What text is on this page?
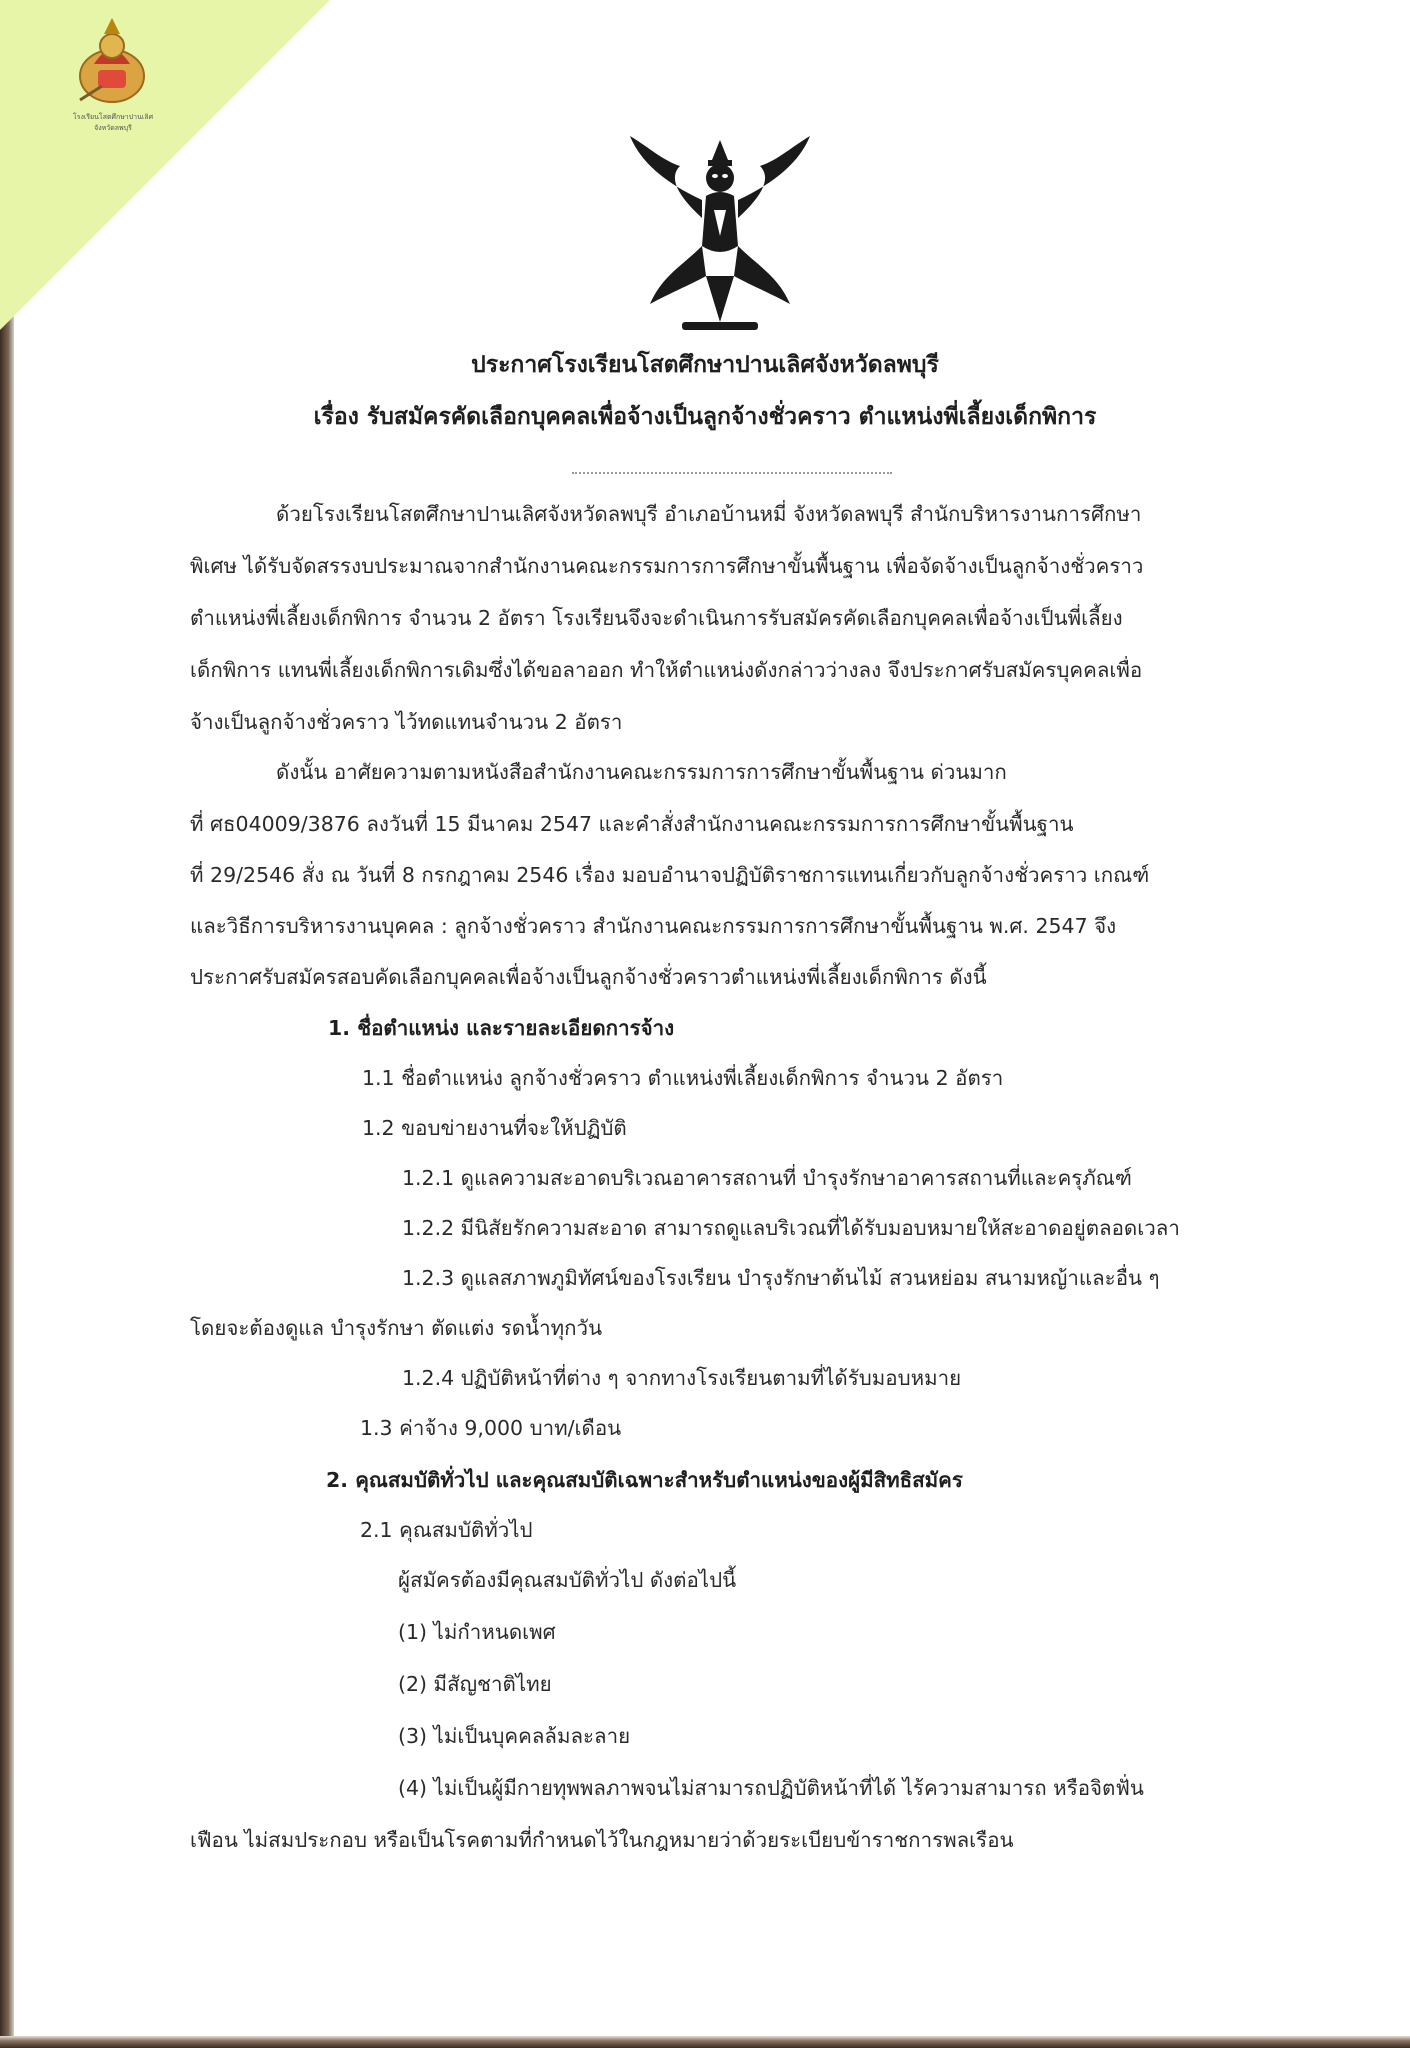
โรงเรียนโสตศึกษาปานเลิศ
จังหวัดลพบุรี
ประกาศโรงเรียนโสตศึกษาปานเลิศจังหวัดลพบุรี
เรื่อง รับสมัครคัดเลือกบุคคลเพื่อจ้างเป็นลูกจ้างชั่วคราว ตำแหน่งพี่เลี้ยงเด็กพิการ
ด้วยโรงเรียนโสตศึกษาปานเลิศจังหวัดลพบุรี อำเภอบ้านหมี่ จังหวัดลพบุรี สำนักบริหารงานการศึกษา
พิเศษ ได้รับจัดสรรงบประมาณจากสำนักงานคณะกรรมการการศึกษาขั้นพื้นฐาน เพื่อจัดจ้างเป็นลูกจ้างชั่วคราว
ตำแหน่งพี่เลี้ยงเด็กพิการ จำนวน 2 อัตรา โรงเรียนจึงจะดำเนินการรับสมัครคัดเลือกบุคคลเพื่อจ้างเป็นพี่เลี้ยง
เด็กพิการ แทนพี่เลี้ยงเด็กพิการเดิมซึ่งได้ขอลาออก ทำให้ตำแหน่งดังกล่าวว่างลง จึงประกาศรับสมัครบุคคลเพื่อ
จ้างเป็นลูกจ้างชั่วคราว ไว้ทดแทนจำนวน 2 อัตรา
ดังนั้น อาศัยความตามหนังสือสำนักงานคณะกรรมการการศึกษาขั้นพื้นฐาน ด่วนมาก
ที่ ศธ04009/3876 ลงวันที่ 15 มีนาคม 2547 และคำสั่งสำนักงานคณะกรรมการการศึกษาขั้นพื้นฐาน
ที่ 29/2546 สั่ง ณ วันที่ 8 กรกฎาคม 2546 เรื่อง มอบอำนาจปฏิบัติราชการแทนเกี่ยวกับลูกจ้างชั่วคราว เกณฑ์
และวิธีการบริหารงานบุคคล : ลูกจ้างชั่วคราว สำนักงานคณะกรรมการการศึกษาขั้นพื้นฐาน พ.ศ. 2547 จึง
ประกาศรับสมัครสอบคัดเลือกบุคคลเพื่อจ้างเป็นลูกจ้างชั่วคราวตำแหน่งพี่เลี้ยงเด็กพิการ ดังนี้
1. ชื่อตำแหน่ง และรายละเอียดการจ้าง
1.1 ชื่อตำแหน่ง ลูกจ้างชั่วคราว ตำแหน่งพี่เลี้ยงเด็กพิการ จำนวน 2 อัตรา
1.2 ขอบข่ายงานที่จะให้ปฏิบัติ
1.2.1 ดูแลความสะอาดบริเวณอาคารสถานที่ บำรุงรักษาอาคารสถานที่และครุภัณฑ์
1.2.2 มีนิสัยรักความสะอาด สามารถดูแลบริเวณที่ได้รับมอบหมายให้สะอาดอยู่ตลอดเวลา
1.2.3 ดูแลสภาพภูมิทัศน์ของโรงเรียน บำรุงรักษาต้นไม้ สวนหย่อม สนามหญ้าและอื่น ๆ
โดยจะต้องดูแล บำรุงรักษา ตัดแต่ง รดน้ำทุกวัน
1.2.4 ปฏิบัติหน้าที่ต่าง ๆ จากทางโรงเรียนตามที่ได้รับมอบหมาย
1.3 ค่าจ้าง 9,000 บาท/เดือน
2. คุณสมบัติทั่วไป และคุณสมบัติเฉพาะสำหรับตำแหน่งของผู้มีสิทธิสมัคร
2.1 คุณสมบัติทั่วไป
ผู้สมัครต้องมีคุณสมบัติทั่วไป ดังต่อไปนี้
(1) ไม่กำหนดเพศ
(2) มีสัญชาติไทย
(3) ไม่เป็นบุคคลล้มละลาย
(4) ไม่เป็นผู้มีกายทุพพลภาพจนไม่สามารถปฏิบัติหน้าที่ได้ ไร้ความสามารถ หรือจิตฟั่น
เฟือน ไม่สมประกอบ หรือเป็นโรคตามที่กำหนดไว้ในกฎหมายว่าด้วยระเบียบข้าราชการพลเรือน
